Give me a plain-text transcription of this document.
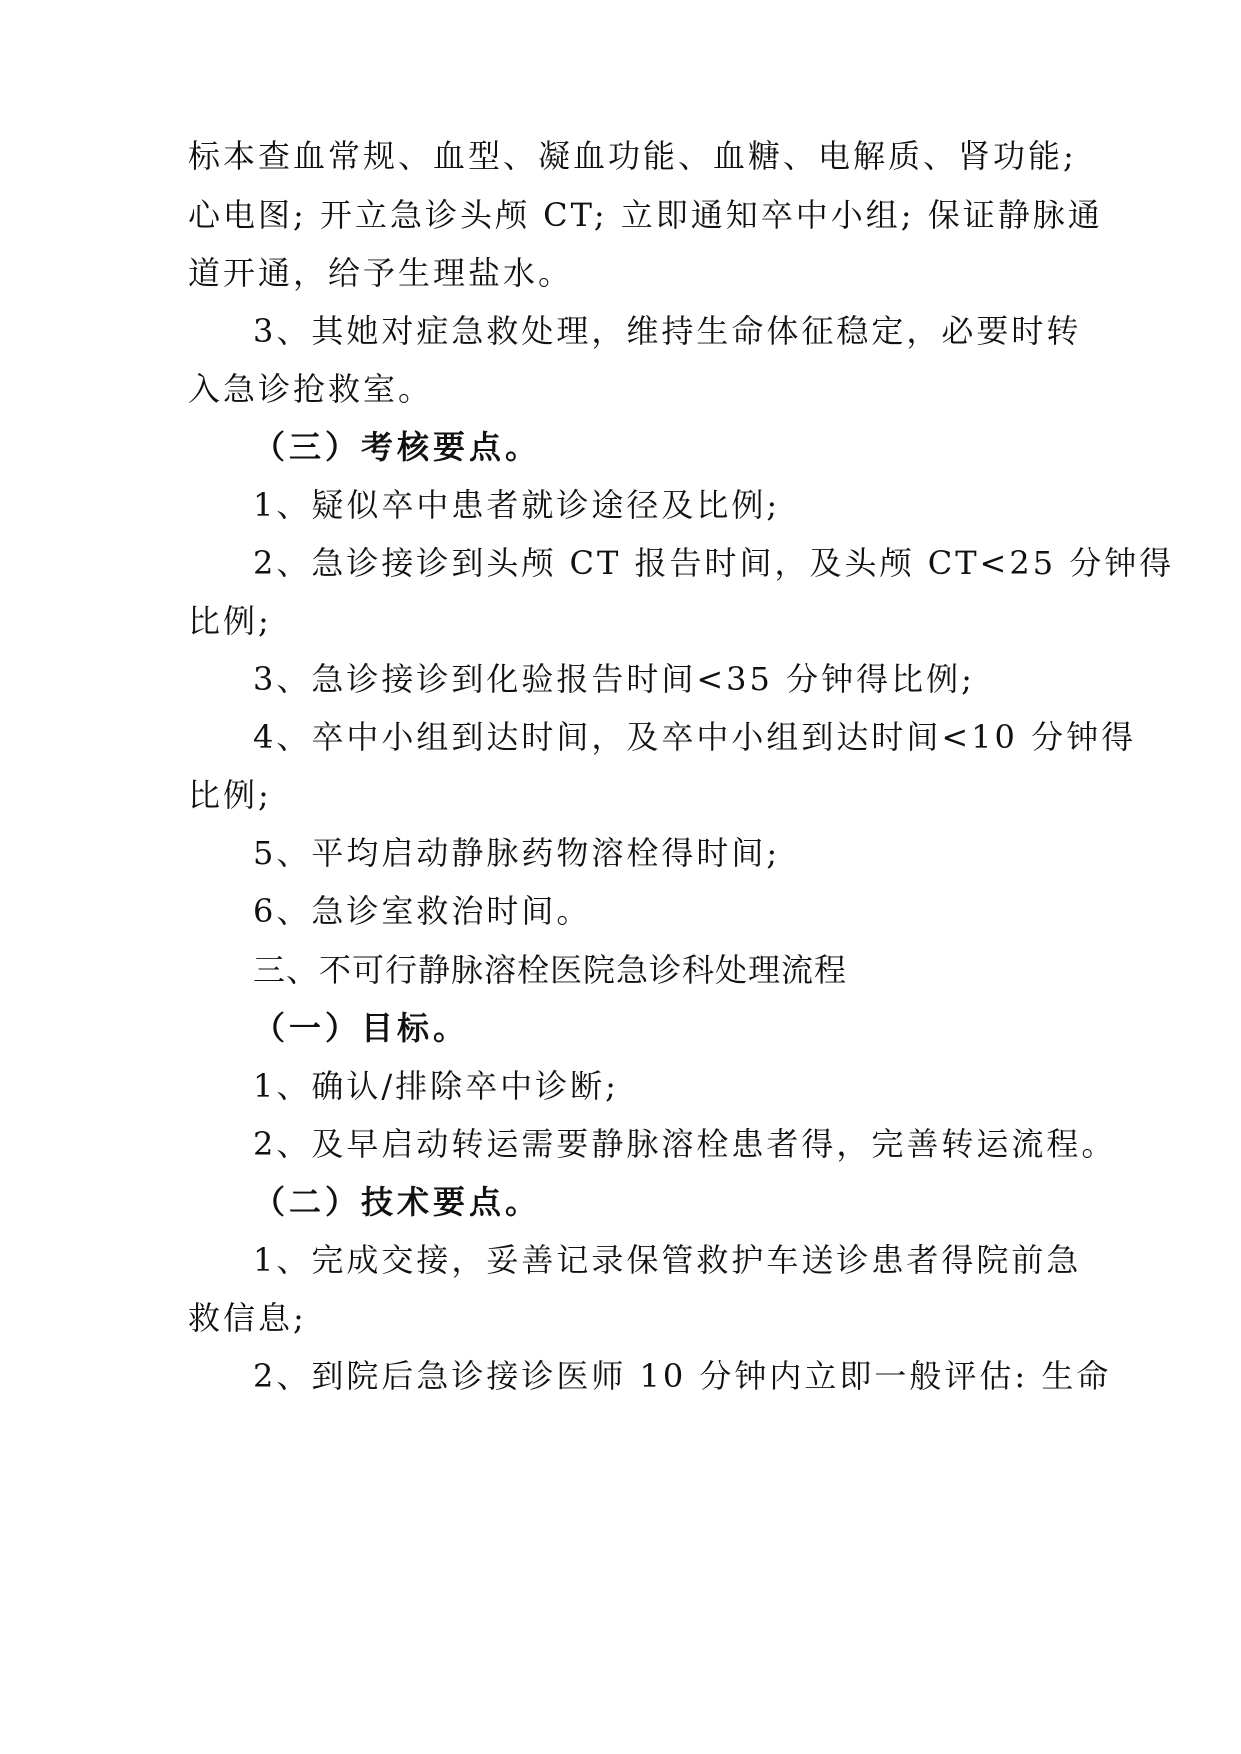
标本查血常规、血型、凝血功能、血糖、电解质、肾功能;
心电图; 开立急诊头颅 CT; 立即通知卒中小组; 保证静脉通
道开通，给予生理盐水。
3、其她对症急救处理，维持生命体征稳定，必要时转
入急诊抢救室。
（三）考核要点。
1、疑似卒中患者就诊途径及比例;
2、急诊接诊到头颅 CT 报告时间，及头颅 CT<25 分钟得
比例;
3、急诊接诊到化验报告时间<35 分钟得比例;
4、卒中小组到达时间，及卒中小组到达时间<10 分钟得
比例;
5、平均启动静脉药物溶栓得时间;
6、急诊室救治时间。
三、不可行静脉溶栓医院急诊科处理流程
（一）目标。
1、确认/排除卒中诊断;
2、及早启动转运需要静脉溶栓患者得，完善转运流程。
（二）技术要点。
1、完成交接，妥善记录保管救护车送诊患者得院前急
救信息;
2、到院后急诊接诊医师 10 分钟内立即一般评估: 生命
